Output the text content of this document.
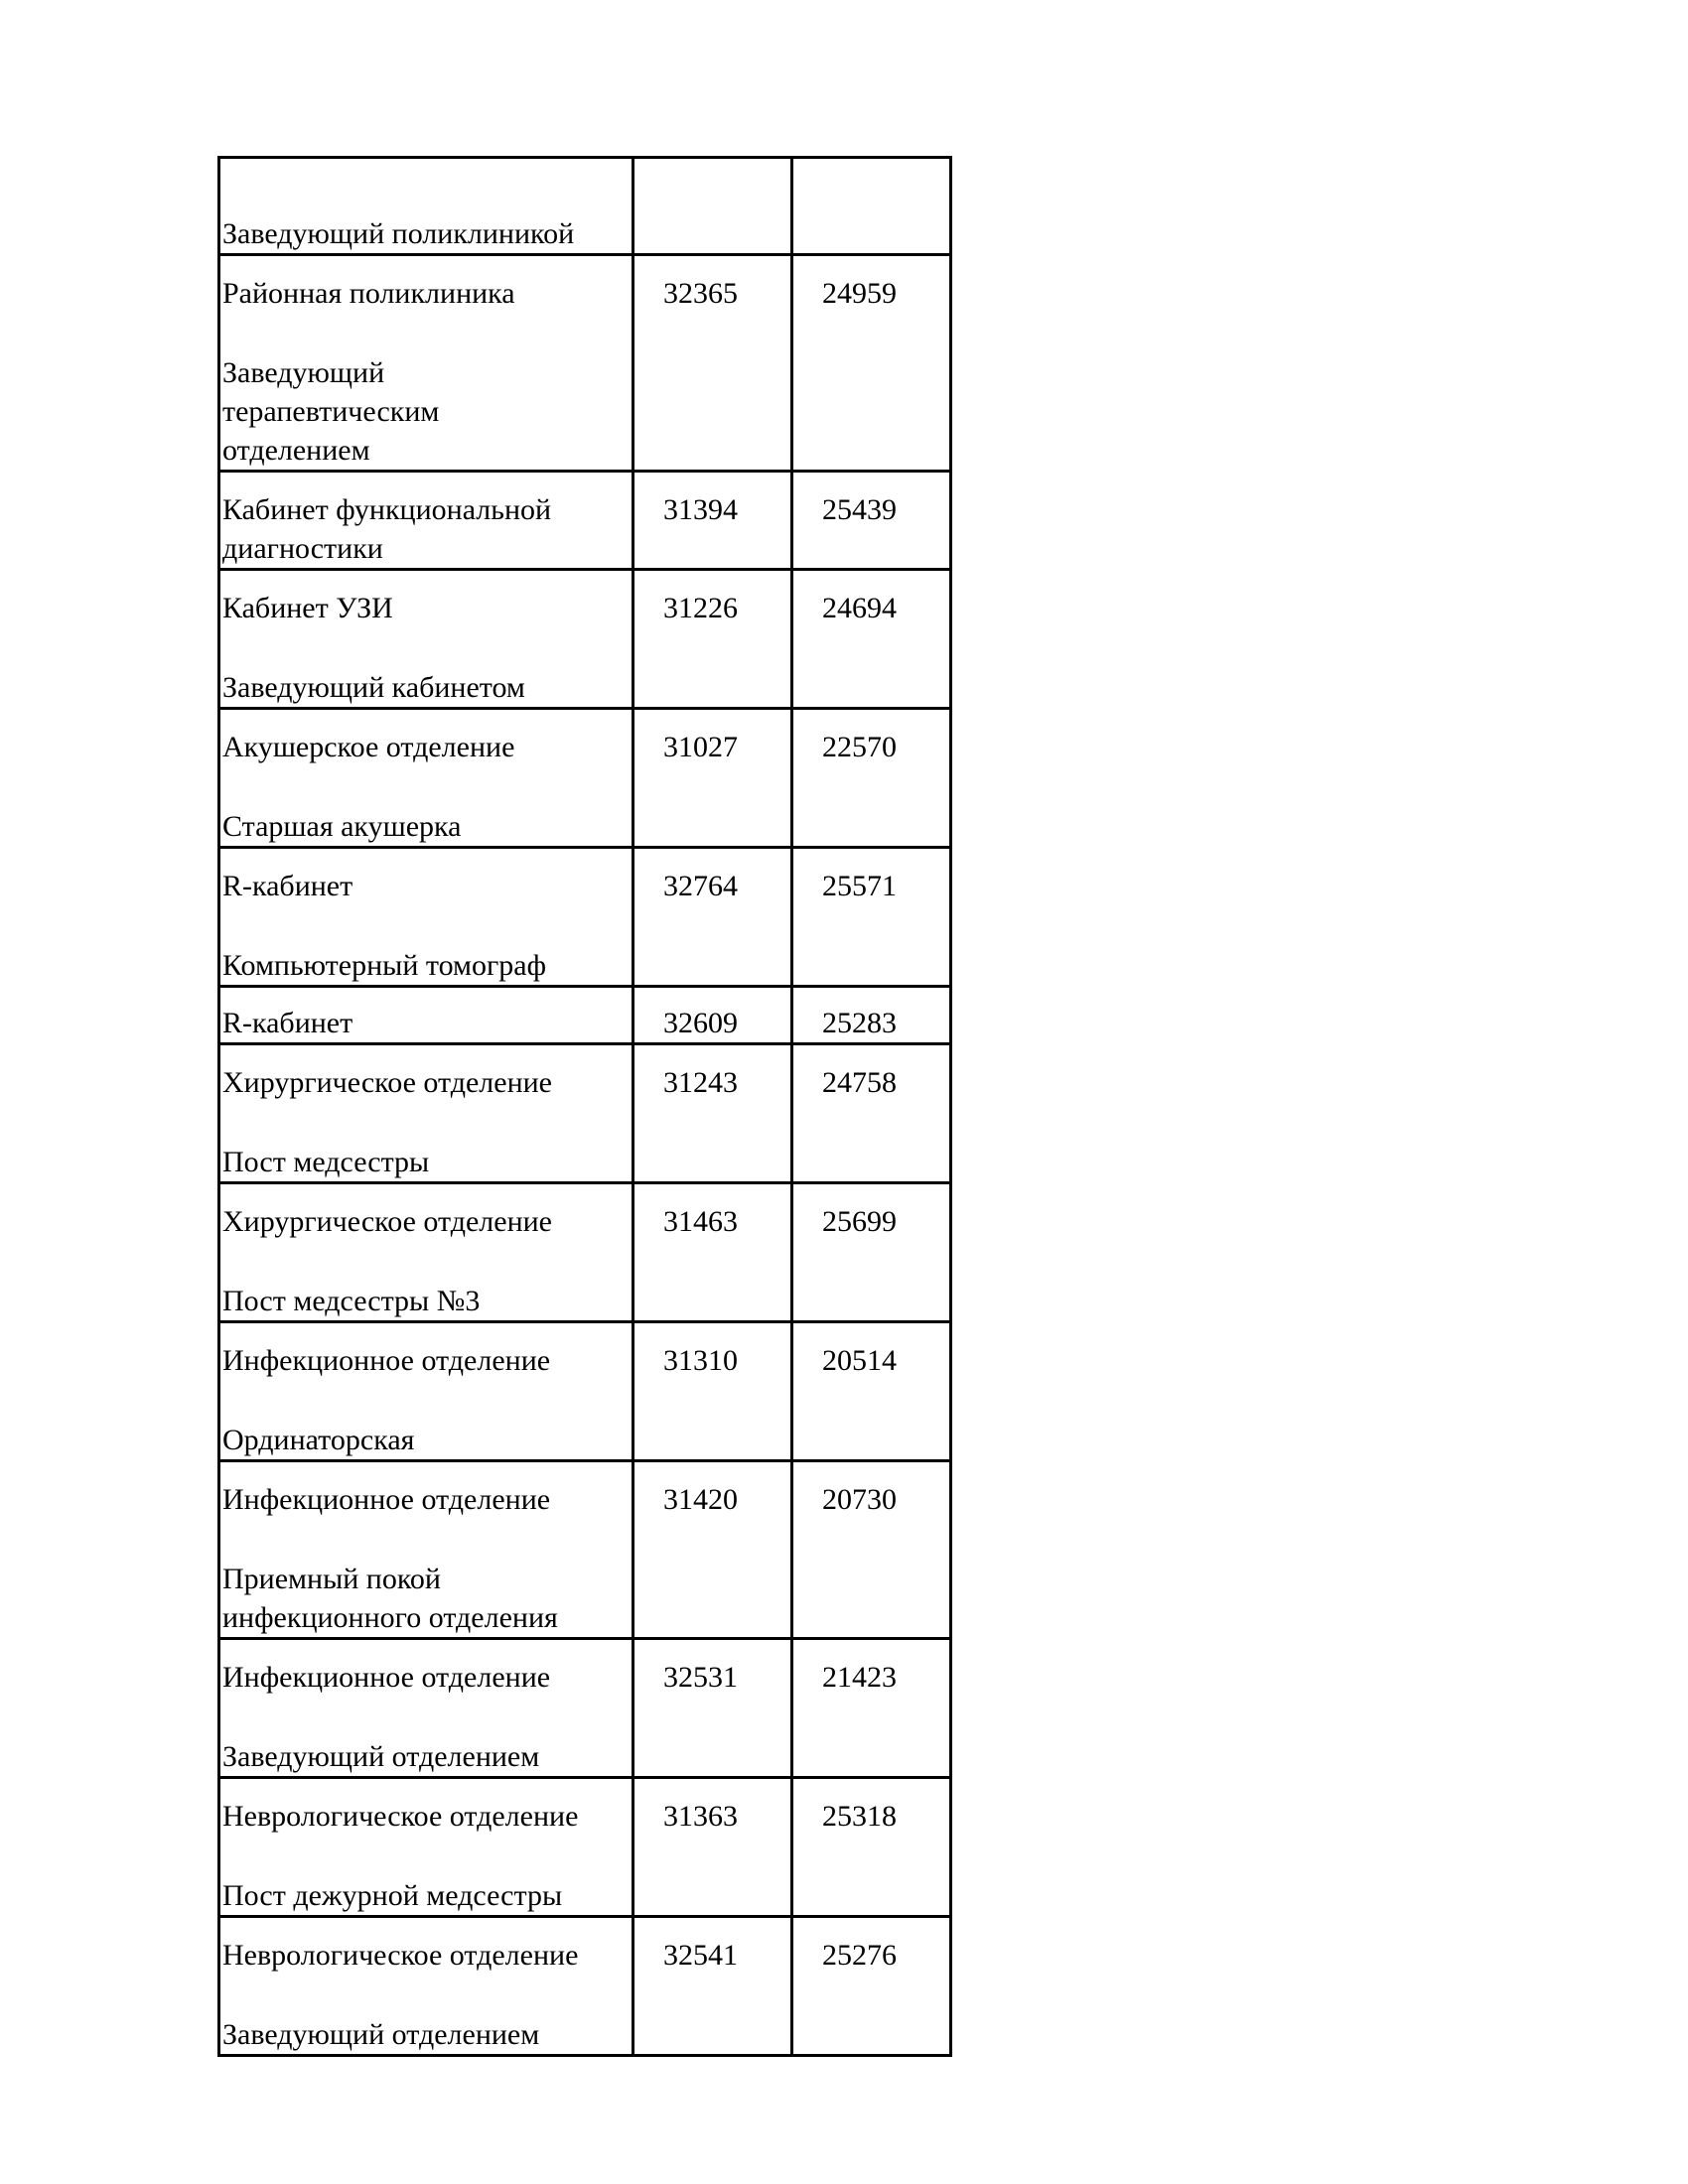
Заведующий поликлиникой		

Районная поликлиника
Заведующий терапевтическим отделением	32365	24959

Кабинет функциональной диагностики	31394	25439

Кабинет УЗИ
Заведующий кабинетом	31226	24694

Акушерское отделение
Старшая акушерка	31027	22570

R-кабинет
Компьютерный томограф	32764	25571

R-кабинет	32609	25283

Хирургическое отделение
Пост медсестры	31243	24758

Хирургическое отделение
Пост медсестры №3	31463	25699

Инфекционное отделение
Ординаторская	31310	20514

Инфекционное отделение
Приемный покой инфекционного отделения	31420	20730

Инфекционное отделение
Заведующий отделением	32531	21423

Неврологическое отделение
Пост дежурной медсестры	31363	25318

Неврологическое отделение
Заведующий отделением	32541	25276
